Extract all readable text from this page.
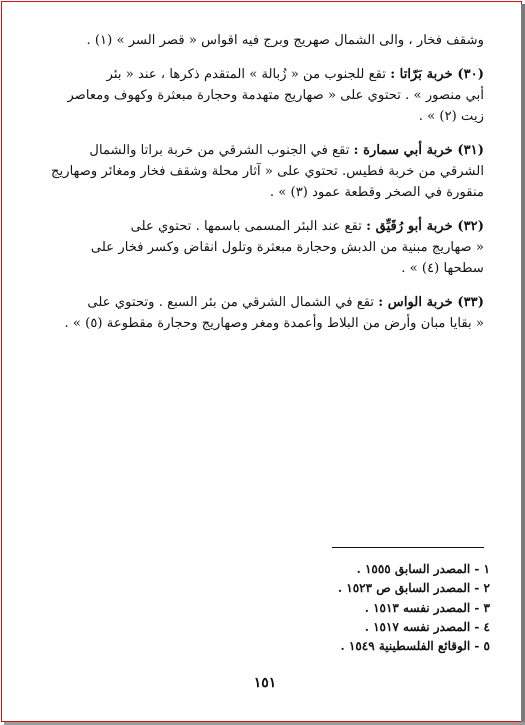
وشقف فخار ، والى الشمال صهريج وبرج فيه اقواس « قصر السر » (١) .
(٣٠) خربة بَرّاتا : تقع للجنوب من « زُبالة » المتقدم ذكرها ، عند « بئر
أبي منصور » . تحتوي على « صهاريج متهدمة وحجارة مبعثرة وكهوف ومعاصر
زيت (٢) » .
(٣١) خربة أبي سمارة : تقع في الجنوب الشرقي من خربة براتا والشمال
الشرقي من خربة فطيس. تحتوي على « آثار محلة وشقف فخار ومغائر وصهاريج
منقورة في الصخر وقطعة عمود (٣) » .
(٣٢) خربة أبو رُقَيِّق : تقع عند البئر المسمى باسمها . تحتوي على
« صهاريج مبنية من الدبش وحجارة مبعثرة وتلول انقاض وكسر فخار على
سطحها (٤) » .
(٣٣) خربة الواس : تقع في الشمال الشرقي من بئر السبع . وتحتوي على
« بقايا مبان وأرض من البلاط وأعمدة ومغر وصهاريج وحجارة مقطوعة (٥) » .
١ - المصدر السابق ١٥٥٥ .
٢ - المصدر السابق ص ١٥٢٣ .
٣ - المصدر نفسه ١٥١٣ .
٤ - المصدر نفسه ١٥١٧ .
٥ - الوقائع الفلسطينية ١٥٤٩ .
١٥١
